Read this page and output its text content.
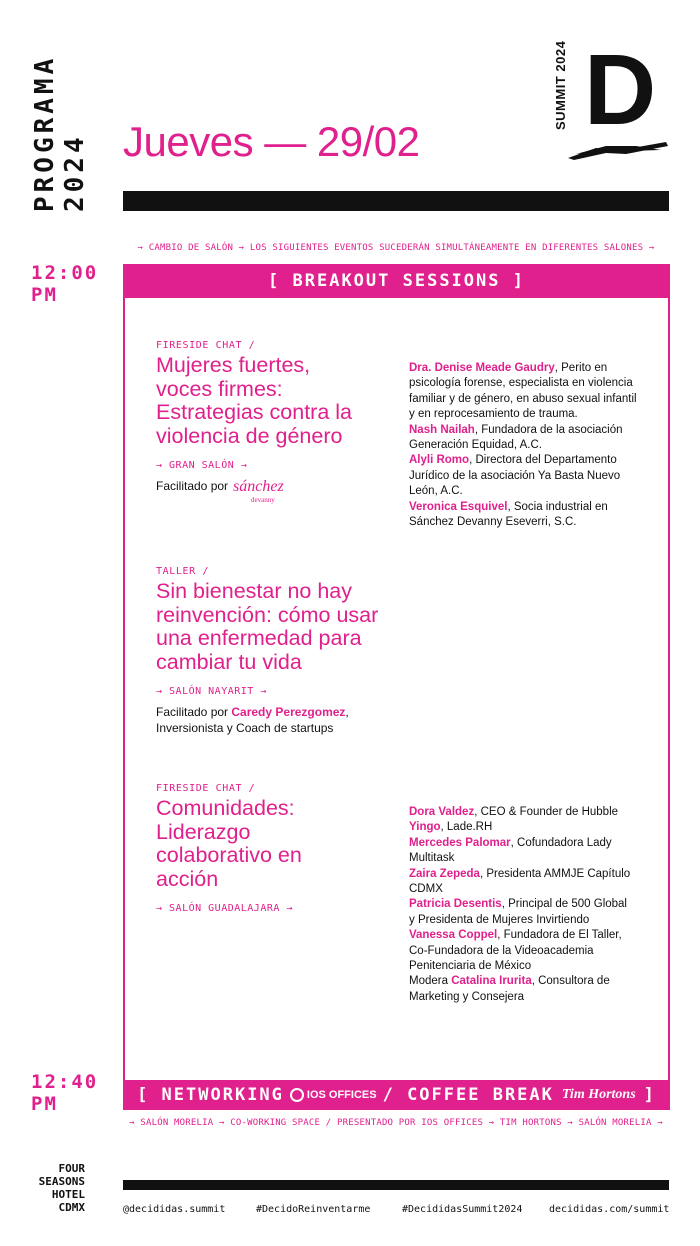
PROGRAMA
2024 Jueves — 29/02
SUMMIT 2024 D
→ CAMBIO DE SALÓN → LOS SIGUIENTES EVENTOS SUCEDERÁN SIMULTÁNEAMENTE EN DIFERENTES SALONES →
12:00
PM
[ BREAKOUT SESSIONS ]
FIRESIDE CHAT /
Mujeres fuertes, voces firmes: Estrategias contra la violencia de género
→ GRAN SALÓN →
Facilitado por sánchez
devanny
Dra. Denise Meade Gaudry, Perito en psicología forense, especialista en violencia familiar y de género, en abuso sexual infantil y en reprocesamiento de trauma.
Nash Nailah, Fundadora de la asociación Generación Equidad, A.C.
Alyli Romo, Directora del Departamento Jurídico de la asociación Ya Basta Nuevo León, A.C.
Veronica Esquivel, Socia industrial en Sánchez Devanny Eseverri, S.C.
TALLER /
Sin bienestar no hay reinvención: cómo usar una enfermedad para cambiar tu vida
→ SALÓN NAYARIT →
Facilitado por Caredy Perezgomez, Inversionista y Coach de startups
FIRESIDE CHAT /
Comunidades: Liderazgo colaborativo en acción
→ SALÓN GUADALAJARA →
Dora Valdez, CEO & Founder de Hubble
Yingo, Lade.RH
Mercedes Palomar, Cofundadora Lady Multitask
Zaira Zepeda, Presidenta AMMJE Capítulo CDMX
Patricia Desentis, Principal de 500 Global y Presidenta de Mujeres Invirtiendo
Vanessa Coppel, Fundadora de El Taller, Co-Fundadora de la Videoacademia Penitenciaria de México
Modera Catalina Irurita, Consultora de Marketing y Consejera
12:40
PM	[ NETWORKING IOS OFFICES / COFFEE BREAK Tim Hortons ]
→ SALÓN MORELIA → CO-WORKING SPACE / PRESENTADO POR IOS OFFICES → TIM HORTONS → SALÓN MORELIA →
FOUR
SEASONS
HOTEL
CDMX	@decididas.summit	#DecidoReinventarme	#DecididasSummit2024	decididas.com/summit
